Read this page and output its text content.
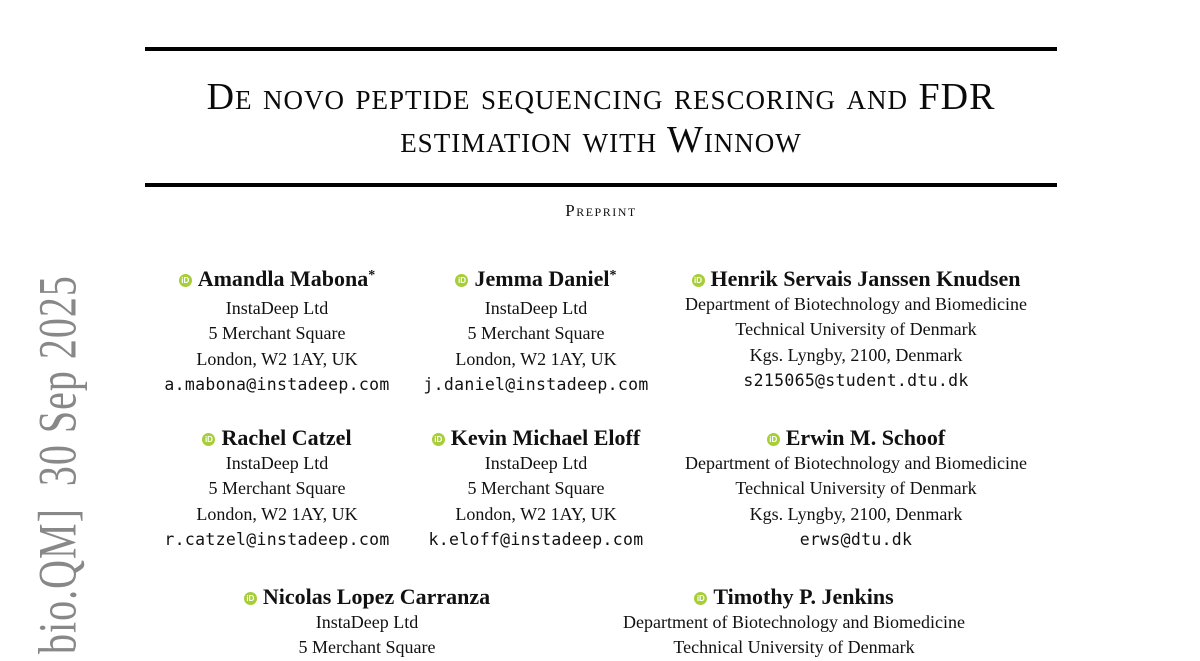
bio.QM]  30 Sep 2025
De novo peptide sequencing rescoring and FDR
estimation with Winnow
Preprint
iD Amandla Mabona*
InstaDeep Ltd
5 Merchant Square
London, W2 1AY, UK
a.mabona@instadeep.com
iD Jemma Daniel*
InstaDeep Ltd
5 Merchant Square
London, W2 1AY, UK
j.daniel@instadeep.com
iD Henrik Servais Janssen Knudsen
Department of Biotechnology and Biomedicine
Technical University of Denmark
Kgs. Lyngby, 2100, Denmark
s215065@student.dtu.dk
iD Rachel Catzel
InstaDeep Ltd
5 Merchant Square
London, W2 1AY, UK
r.catzel@instadeep.com
iD Kevin Michael Eloff
InstaDeep Ltd
5 Merchant Square
London, W2 1AY, UK
k.eloff@instadeep.com
iD Erwin M. Schoof
Department of Biotechnology and Biomedicine
Technical University of Denmark
Kgs. Lyngby, 2100, Denmark
erws@dtu.dk
iD Nicolas Lopez Carranza
InstaDeep Ltd
5 Merchant Square
iD Timothy P. Jenkins
Department of Biotechnology and Biomedicine
Technical University of Denmark
